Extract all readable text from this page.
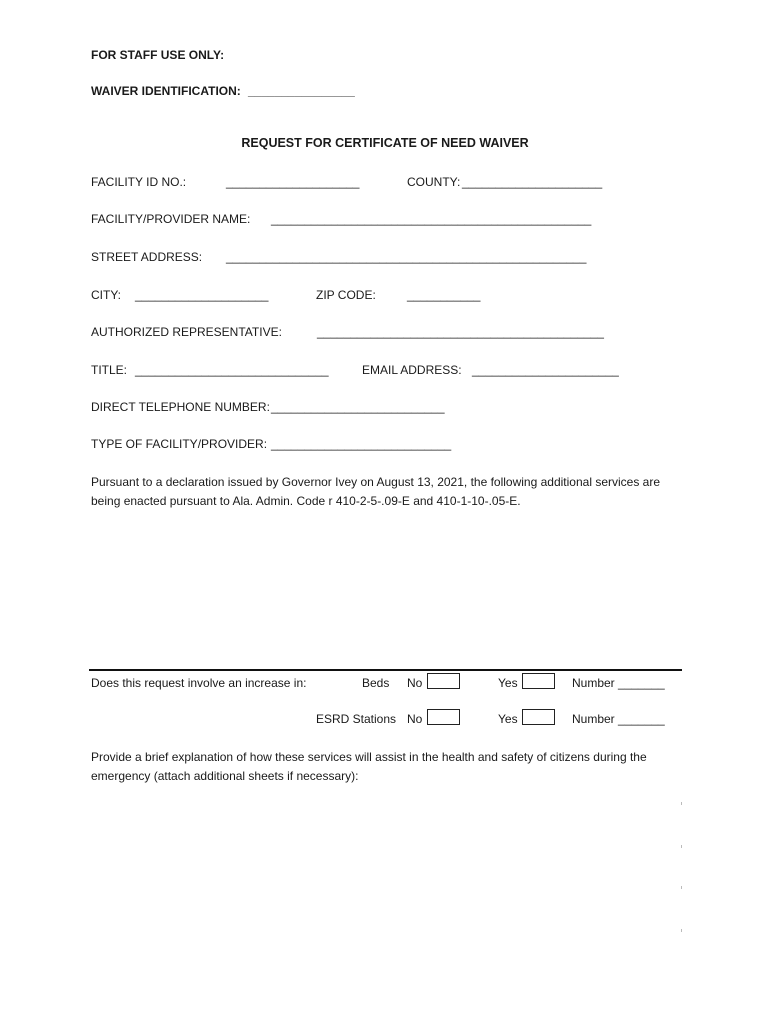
FOR STAFF USE ONLY:
WAIVER IDENTIFICATION: ________________
REQUEST FOR CERTIFICATE OF NEED WAIVER
FACILITY ID NO.:	____________________	COUNTY: _____________________
FACILITY/PROVIDER NAME: ________________________________________________
STREET ADDRESS: ______________________________________________________
CITY: ____________________	ZIP CODE:	___________
AUTHORIZED REPRESENTATIVE:	___________________________________________
TITLE: _____________________________	EMAIL ADDRESS: ______________________
DIRECT TELEPHONE NUMBER: __________________________
TYPE OF FACILITY/PROVIDER: ___________________________
Pursuant to a declaration issued by Governor Ivey on August 13, 2021, the following additional services are being enacted pursuant to Ala. Admin. Code r 410-2-5-.09-E and 410-1-10-.05-E.
Does this request involve an increase in:	Beds No	Yes	Number _______
ESRD Stations No	Yes	Number _______
Provide a brief explanation of how these services will assist in the health and safety of citizens during the emergency (attach additional sheets if necessary):
